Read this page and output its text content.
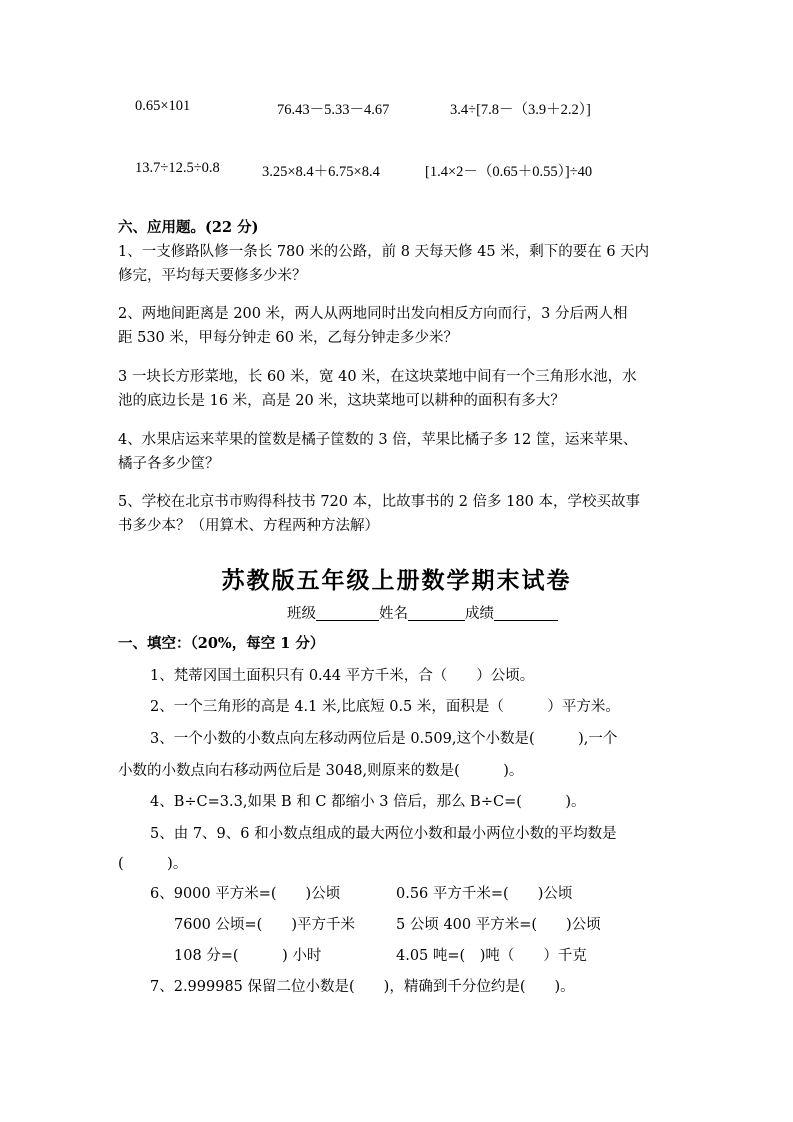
0.65×101	76.43－5.33－4.67	3.4÷[7.8－（3.9＋2.2）]
13.7÷12.5÷0.8	3.25×8.4＋6.75×8.4	[1.4×2－（0.65＋0.55）]÷40
六、应用题。(22 分)
1、一支修路队修一条长 780 米的公路，前 8 天每天修 45 米，剩下的要在 6 天内
修完，平均每天要修多少米？
2、两地间距离是 200 米，两人从两地同时出发向相反方向而行，3 分后两人相
距 530 米，甲每分钟走 60 米，乙每分钟走多少米？
3 一块长方形菜地，长 60 米，宽 40 米，在这块菜地中间有一个三角形水池，水
池的底边长是 16 米，高是 20 米，这块菜地可以耕种的面积有多大？
4、水果店运来苹果的筐数是橘子筐数的 3 倍，苹果比橘子多 12 筐，运来苹果、
橘子各多少筐？
5、学校在北京书市购得科技书 720 本，比故事书的 2 倍多 180 本，学校买故事
书多少本？（用算术、方程两种方法解）
苏教版五年级上册数学期末试卷
班级	姓名	成绩
一、填空：（20%，每空 1 分）
1、梵蒂冈国土面积只有 0.44 平方千米，合（　　）公顷。
2、一个三角形的高是 4.1 米,比底短 0.5 米，面积是（　　　）平方米。
3、一个小数的小数点向左移动两位后是 0.509,这个小数是(　　　),一个
小数的小数点向右移动两位后是 3048,则原来的数是(　　　)。
4、B÷C=3.3,如果 B 和 C 都缩小 3 倍后，那么 B÷C=(　　　)。
5、由 7、9、6 和小数点组成的最大两位小数和最小两位小数的平均数是
(　　　)。
6、9000 平方米=(　　)公顷	0.56 平方千米=(　　)公顷
7600 公顷=(　　)平方千米	5 公顷 400 平方米=(　　)公顷
108 分=(　　　) 小时	4.05 吨=(　)吨（　　）千克
7、2.999985 保留二位小数是(　　)，精确到千分位约是(　　)。
